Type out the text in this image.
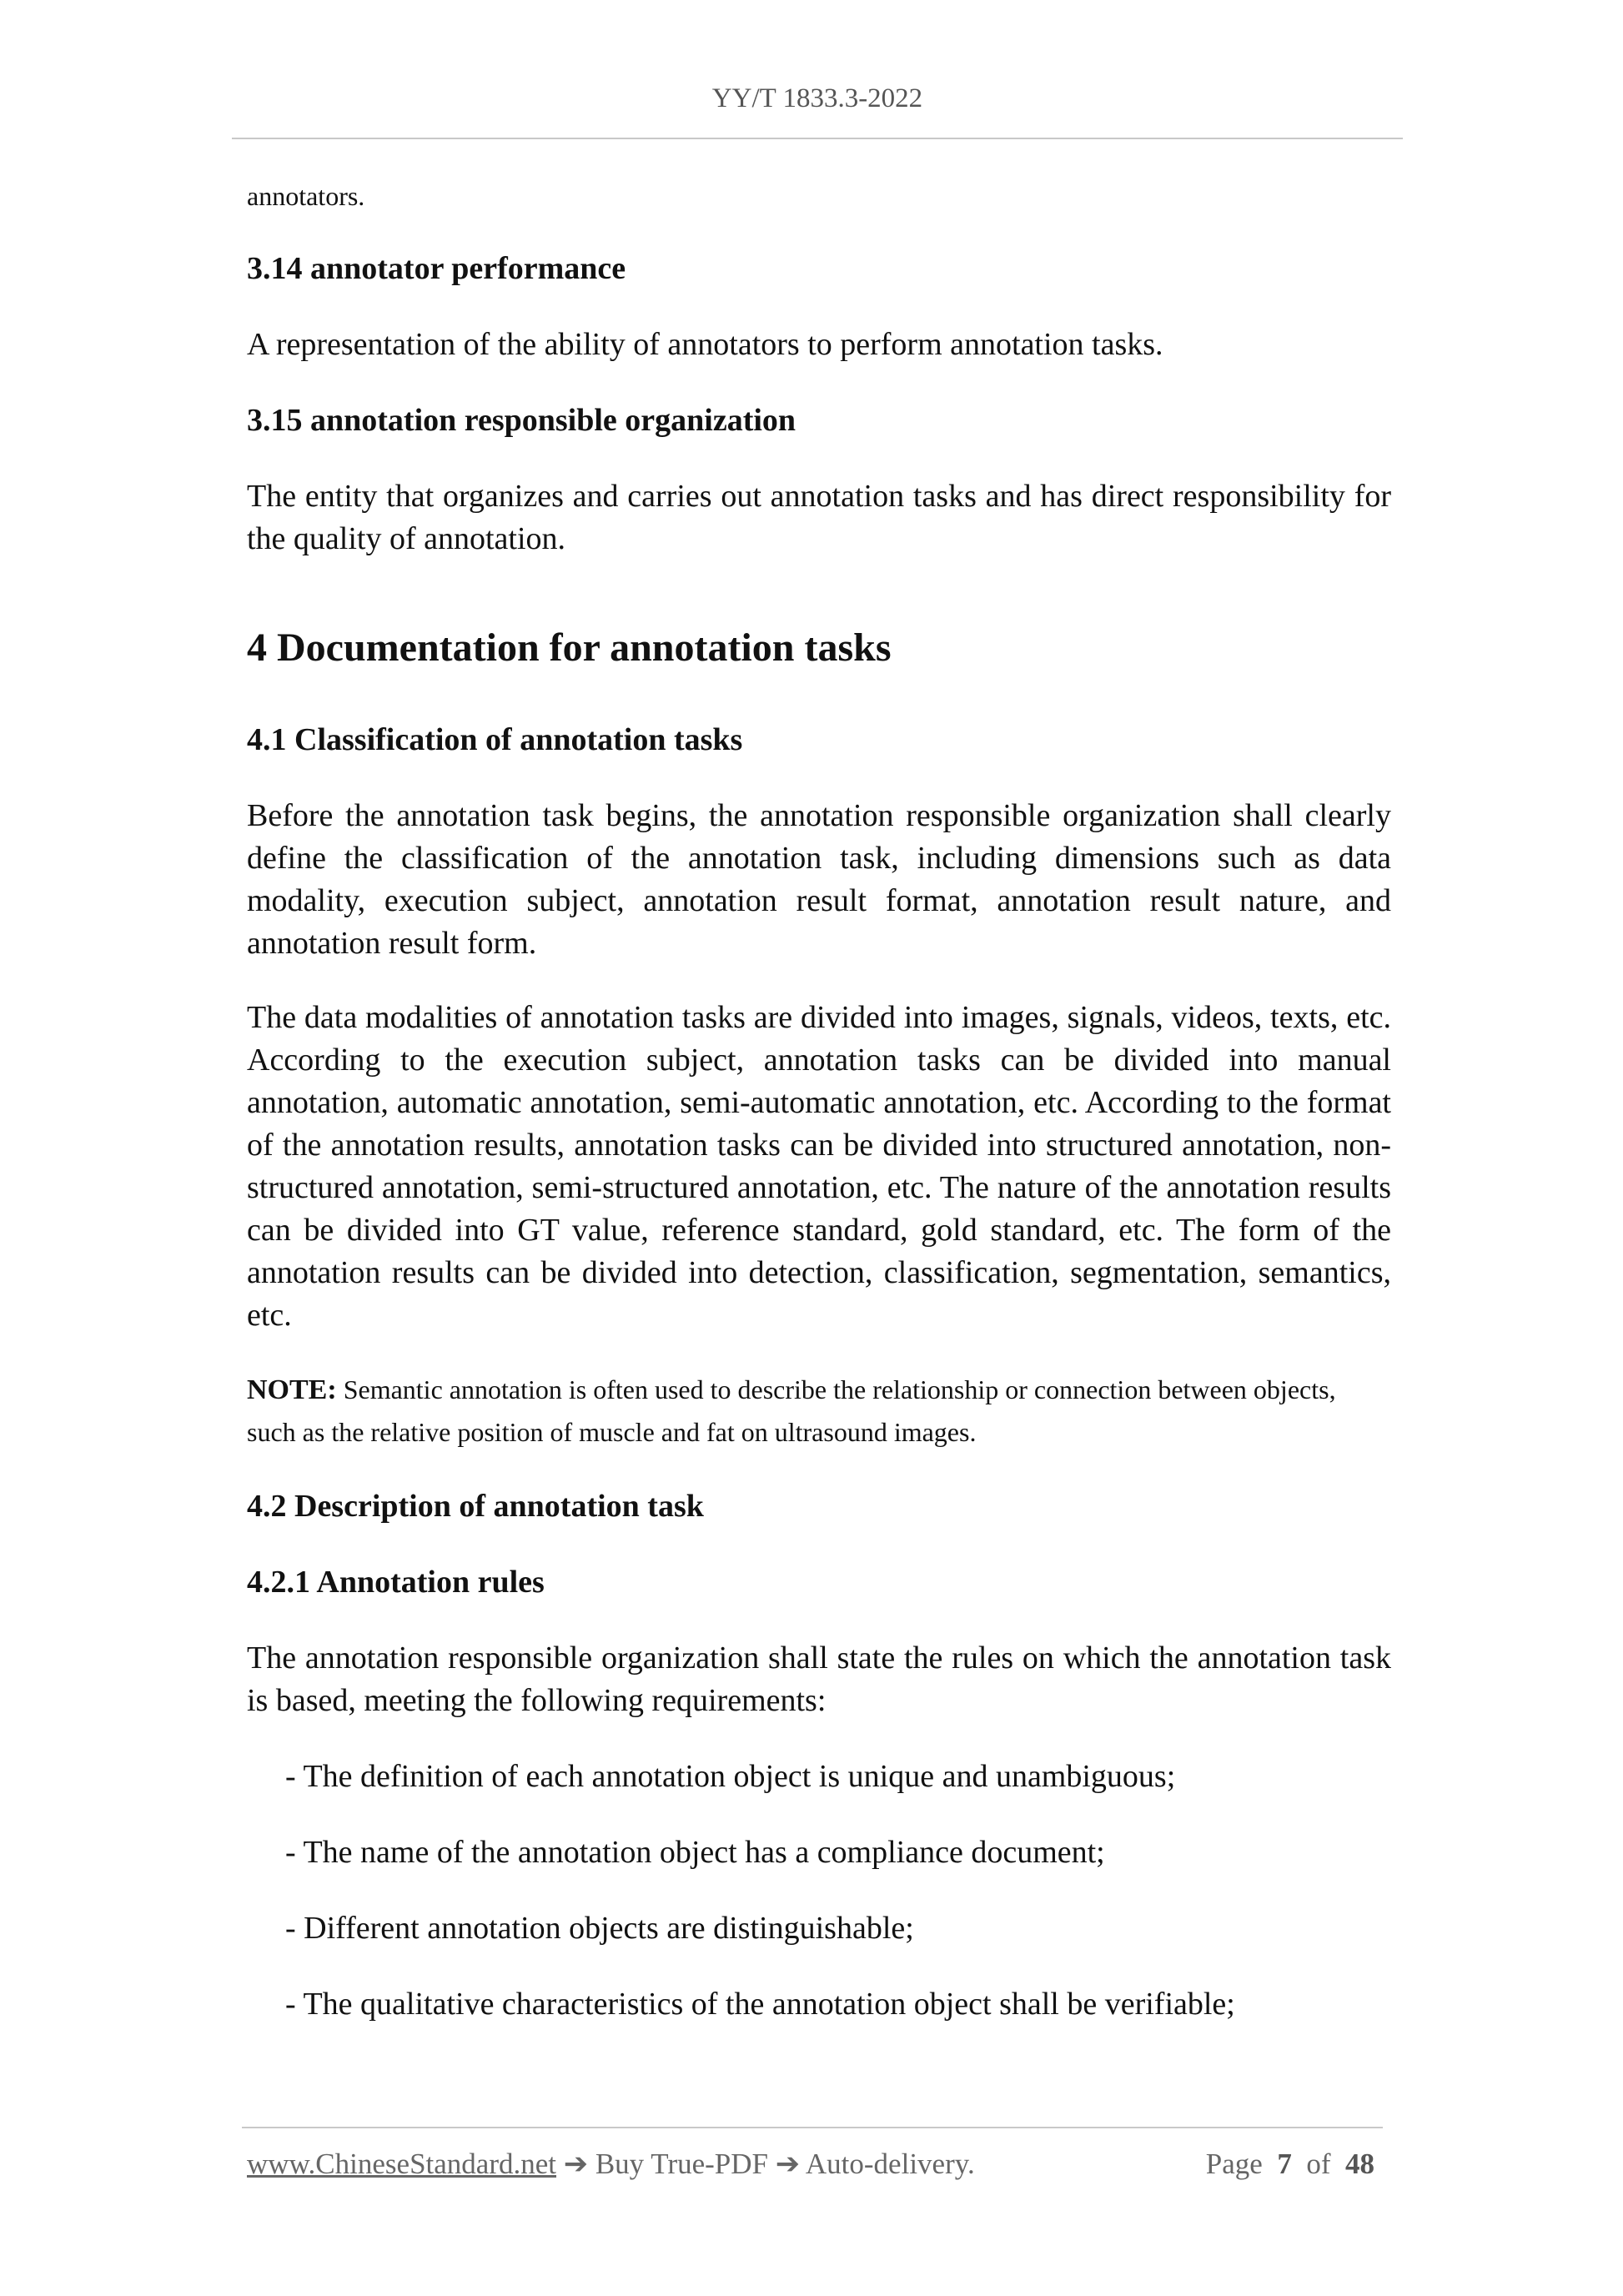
YY/T 1833.3-2022

annotators.

3.14 annotator performance

A representation of the ability of annotators to perform annotation tasks.

3.15 annotation responsible organization

The entity that organizes and carries out annotation tasks and has direct responsibility for the quality of annotation.

4 Documentation for annotation tasks

4.1 Classification of annotation tasks

Before the annotation task begins, the annotation responsible organization shall clearly define the classification of the annotation task, including dimensions such as data modality, execution subject, annotation result format, annotation result nature, and annotation result form.

The data modalities of annotation tasks are divided into images, signals, videos, texts, etc. According to the execution subject, annotation tasks can be divided into manual annotation, automatic annotation, semi-automatic annotation, etc. According to the format of the annotation results, annotation tasks can be divided into structured annotation, non-structured annotation, semi-structured annotation, etc. The nature of the annotation results can be divided into GT value, reference standard, gold standard, etc. The form of the annotation results can be divided into detection, classification, segmentation, semantics, etc.

NOTE: Semantic annotation is often used to describe the relationship or connection between objects, such as the relative position of muscle and fat on ultrasound images.

4.2 Description of annotation task

4.2.1 Annotation rules

The annotation responsible organization shall state the rules on which the annotation task is based, meeting the following requirements:

- The definition of each annotation object is unique and unambiguous;

- The name of the annotation object has a compliance document;

- Different annotation objects are distinguishable;

- The qualitative characteristics of the annotation object shall be verifiable;

www.ChineseStandard.net ➔ Buy True-PDF ➔ Auto-delivery.	Page 7 of 48
